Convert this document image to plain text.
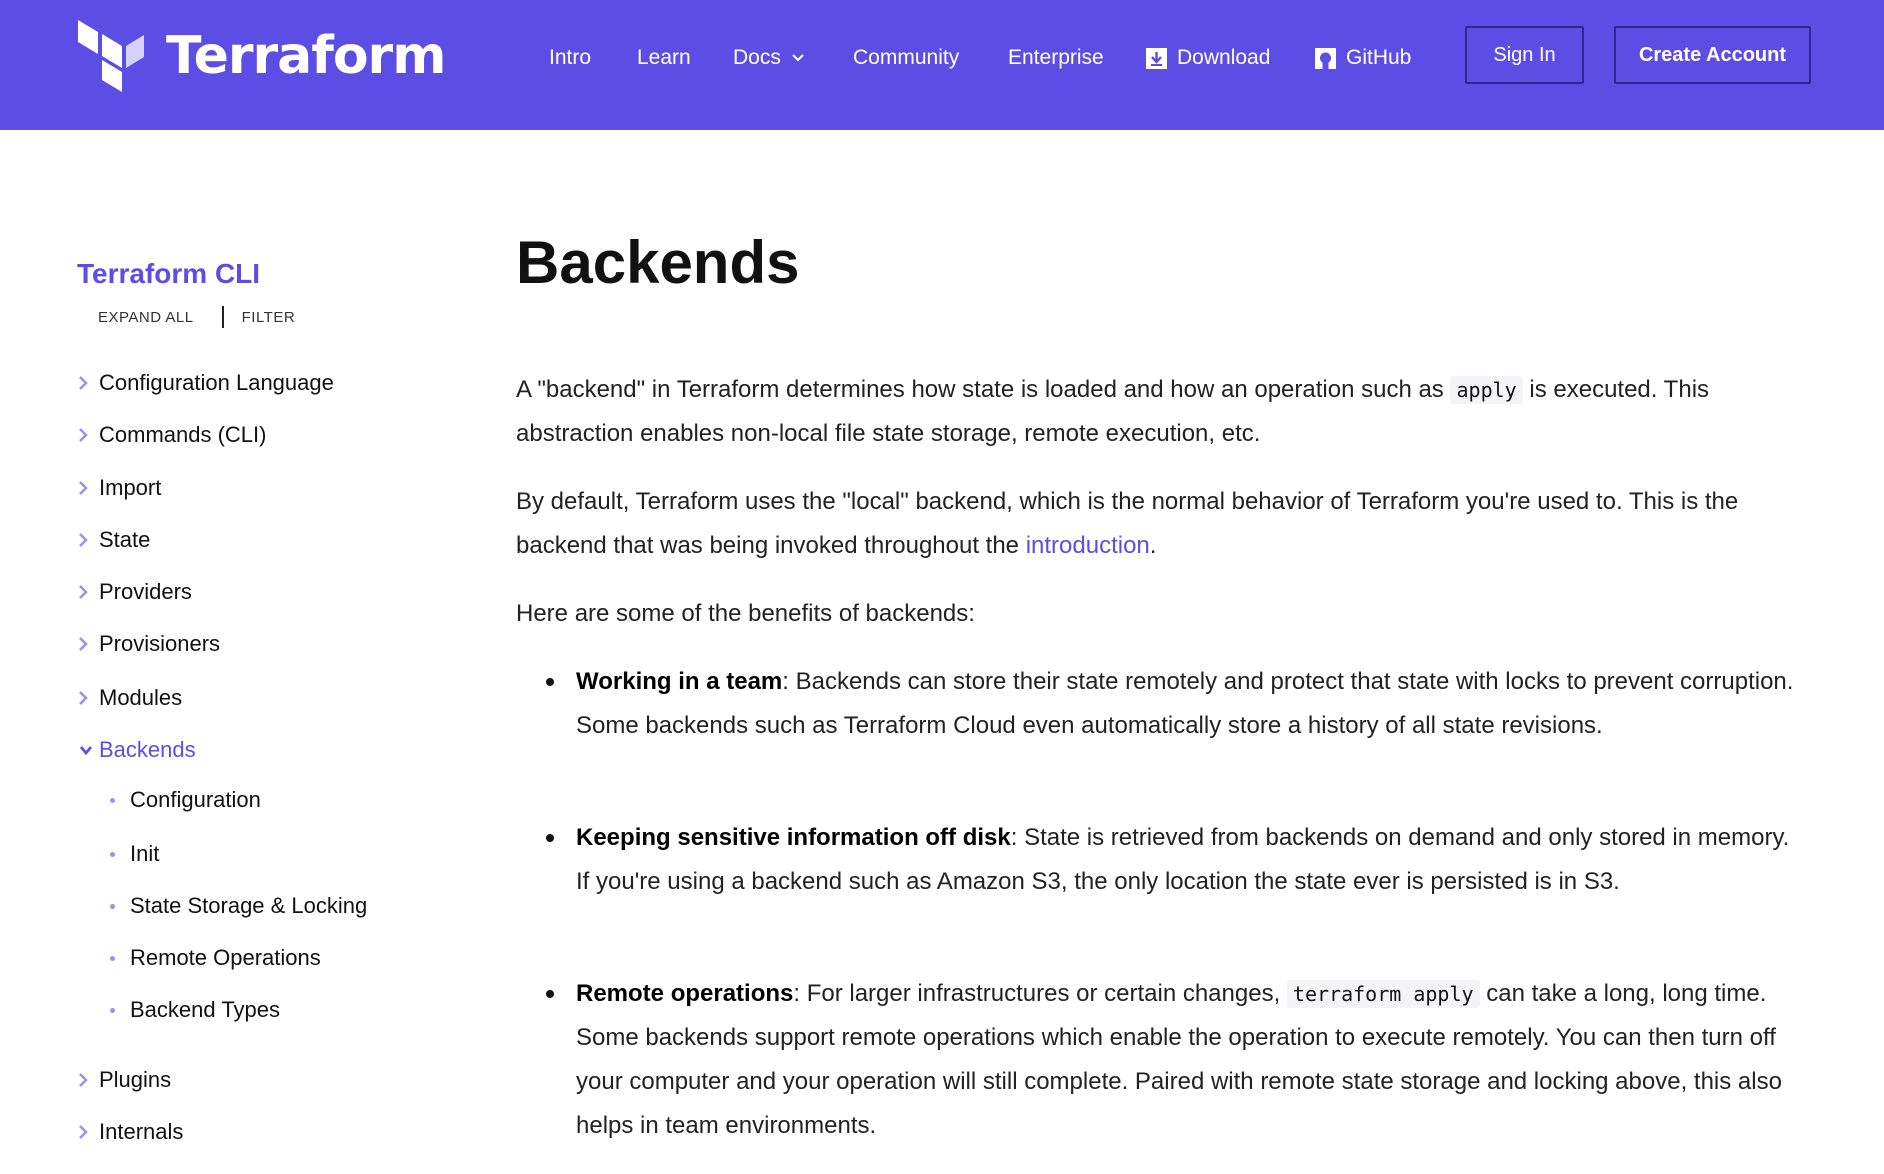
Terraform	Intro Learn Docs	Community Enterprise	Download	GitHub	Sign In	Create Account
Terraform CLI
EXPAND ALL	FILTER
Configuration Language
Commands (CLI)
Import
State
Providers
Provisioners
Modules
Backends
Configuration
Init
State Storage & Locking
Remote Operations
Backend Types
Plugins
Internals
Backends

A "backend" in Terraform determines how state is loaded and how an operation such as apply is executed. This abstraction enables non-local file state storage, remote execution, etc.

By default, Terraform uses the "local" backend, which is the normal behavior of Terraform you're used to. This is the backend that was being invoked throughout the introduction.

Here are some of the benefits of backends:

Working in a team: Backends can store their state remotely and protect that state with locks to prevent corruption. Some backends such as Terraform Cloud even automatically store a history of all state revisions.
Keeping sensitive information off disk: State is retrieved from backends on demand and only stored in memory. If you're using a backend such as Amazon S3, the only location the state ever is persisted is in S3.
Remote operations: For larger infrastructures or certain changes, terraform apply can take a long, long time. Some backends support remote operations which enable the operation to execute remotely. You can then turn off your computer and your operation will still complete. Paired with remote state storage and locking above, this also helps in team environments.
